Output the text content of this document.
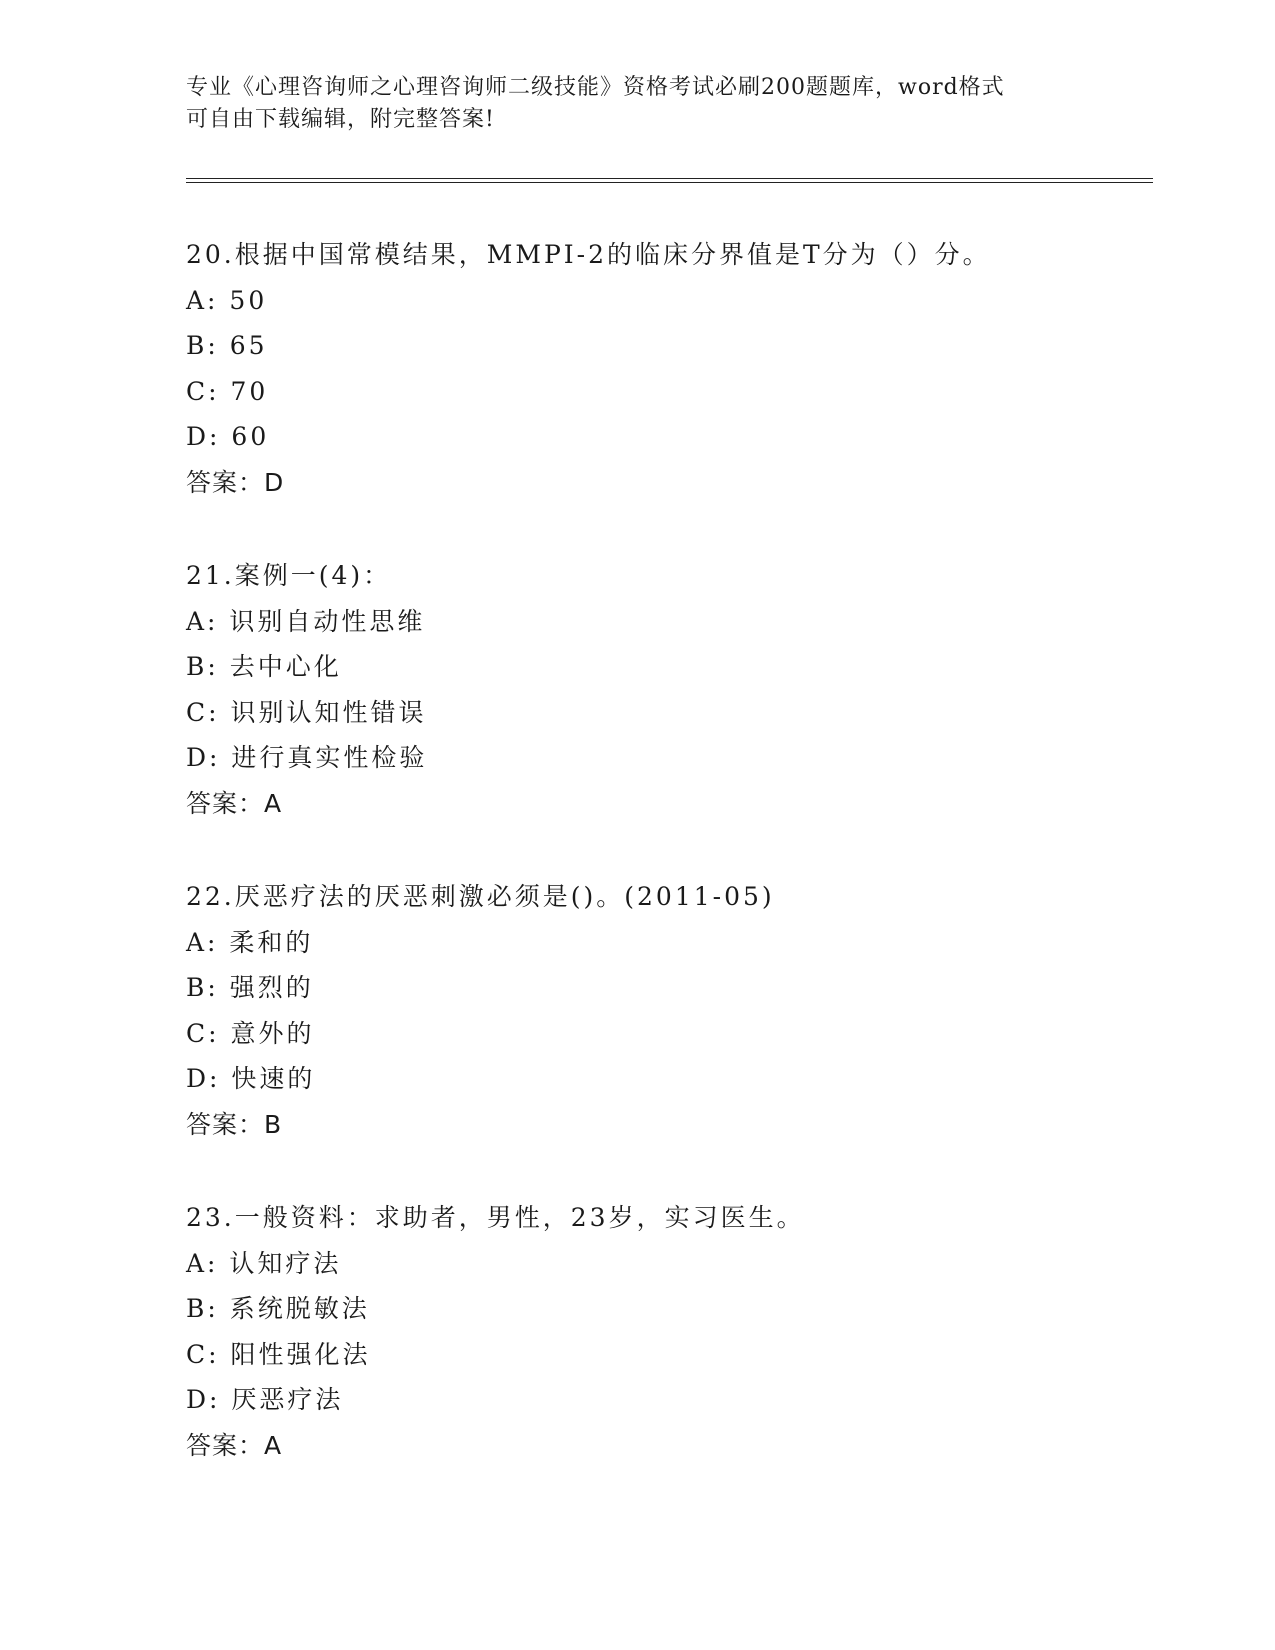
专业《心理咨询师之心理咨询师二级技能》资格考试必刷200题题库，word格式
可自由下载编辑，附完整答案!
20.根据中国常模结果，MMPI-2的临床分界值是T分为（）分。
A: 50
B: 65
C: 70
D: 60
答案：D
21.案例一(4)：
A: 识别自动性思维
B: 去中心化
C: 识别认知性错误
D: 进行真实性检验
答案：A
22.厌恶疗法的厌恶刺激必须是()。(2011-05)
A: 柔和的
B: 强烈的
C: 意外的
D: 快速的
答案：B
23.一般资料：求助者，男性，23岁，实习医生。
A: 认知疗法
B: 系统脱敏法
C: 阳性强化法
D: 厌恶疗法
答案：A
